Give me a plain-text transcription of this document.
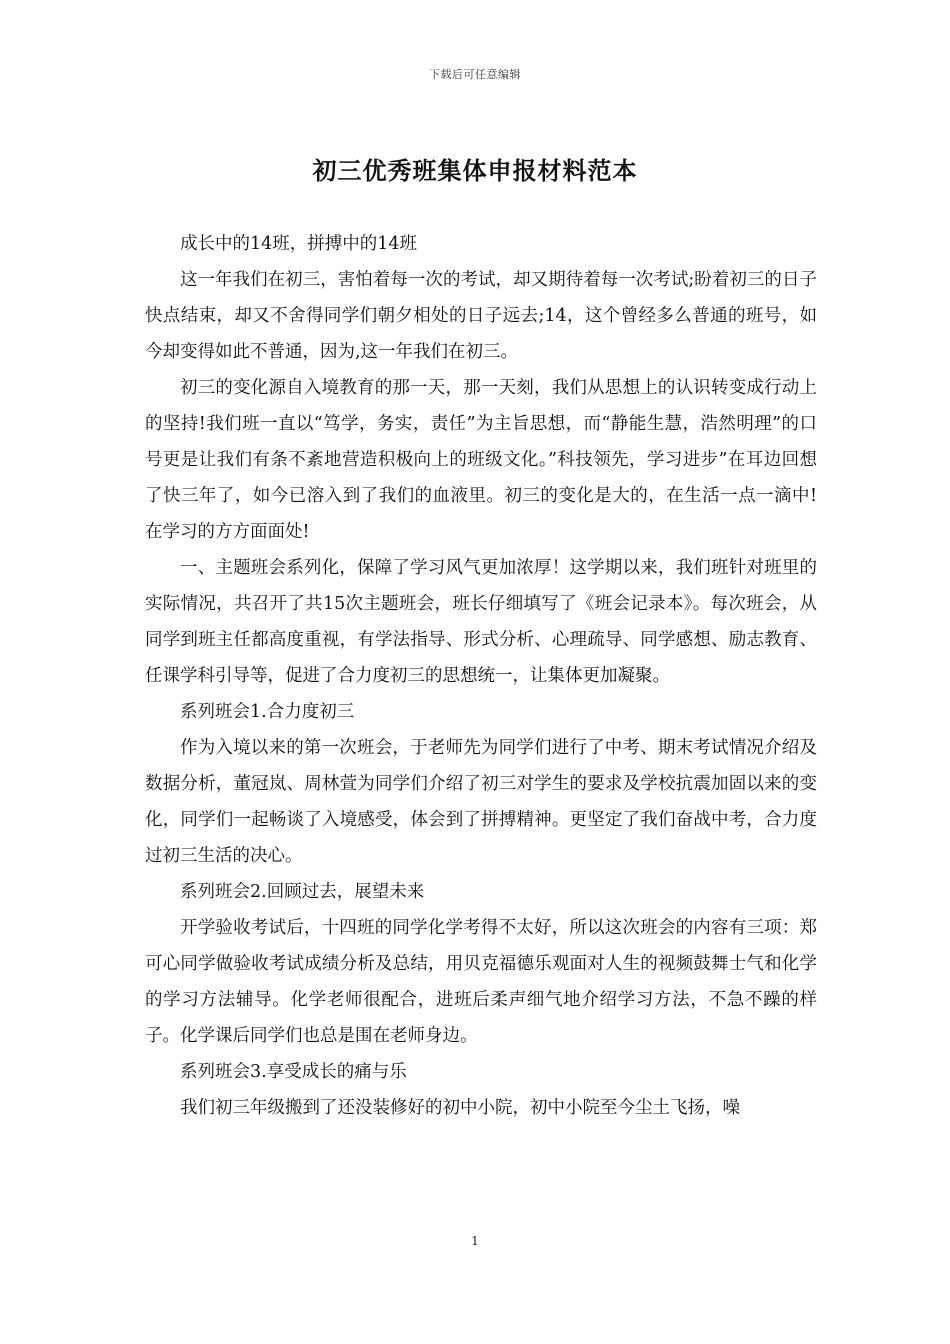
下载后可任意编辑
初三优秀班集体申报材料范本

成长中的14班，拼搏中的14班

这一年我们在初三，害怕着每一次的考试，却又期待着每一次考试;盼着初三的日子快点结束，却又不舍得同学们朝夕相处的日子远去;14，这个曾经多么普通的班号，如今却变得如此不普通，因为,这一年我们在初三。

初三的变化源自入境教育的那一天，那一天刻，我们从思想上的认识转变成行动上的坚持!我们班一直以“笃学，务实，责任”为主旨思想，而“静能生慧，浩然明理”的口号更是让我们有条不紊地营造积极向上的班级文化。”科技领先，学习进步”在耳边回想了快三年了，如今已溶入到了我们的血液里。初三的变化是大的，在生活一点一滴中!在学习的方方面面处!

一、主题班会系列化，保障了学习风气更加浓厚！这学期以来，我们班针对班里的实际情况，共召开了共15次主题班会，班长仔细填写了《班会记录本》。每次班会，从同学到班主任都高度重视，有学法指导、形式分析、心理疏导、同学感想、励志教育、任课学科引导等，促进了合力度初三的思想统一，让集体更加凝聚。

系列班会1.合力度初三

作为入境以来的第一次班会，于老师先为同学们进行了中考、期末考试情况介绍及数据分析，董冠岚、周林萱为同学们介绍了初三对学生的要求及学校抗震加固以来的变化，同学们一起畅谈了入境感受，体会到了拼搏精神。更坚定了我们奋战中考，合力度过初三生活的决心。

系列班会2.回顾过去，展望未来

开学验收考试后，十四班的同学化学考得不太好，所以这次班会的内容有三项：郑可心同学做验收考试成绩分析及总结，用贝克福德乐观面对人生的视频鼓舞士气和化学的学习方法辅导。化学老师很配合，进班后柔声细气地介绍学习方法，不急不躁的样子。化学课后同学们也总是围在老师身边。

系列班会3.享受成长的痛与乐

我们初三年级搬到了还没装修好的初中小院，初中小院至今尘土飞扬，噪

1
